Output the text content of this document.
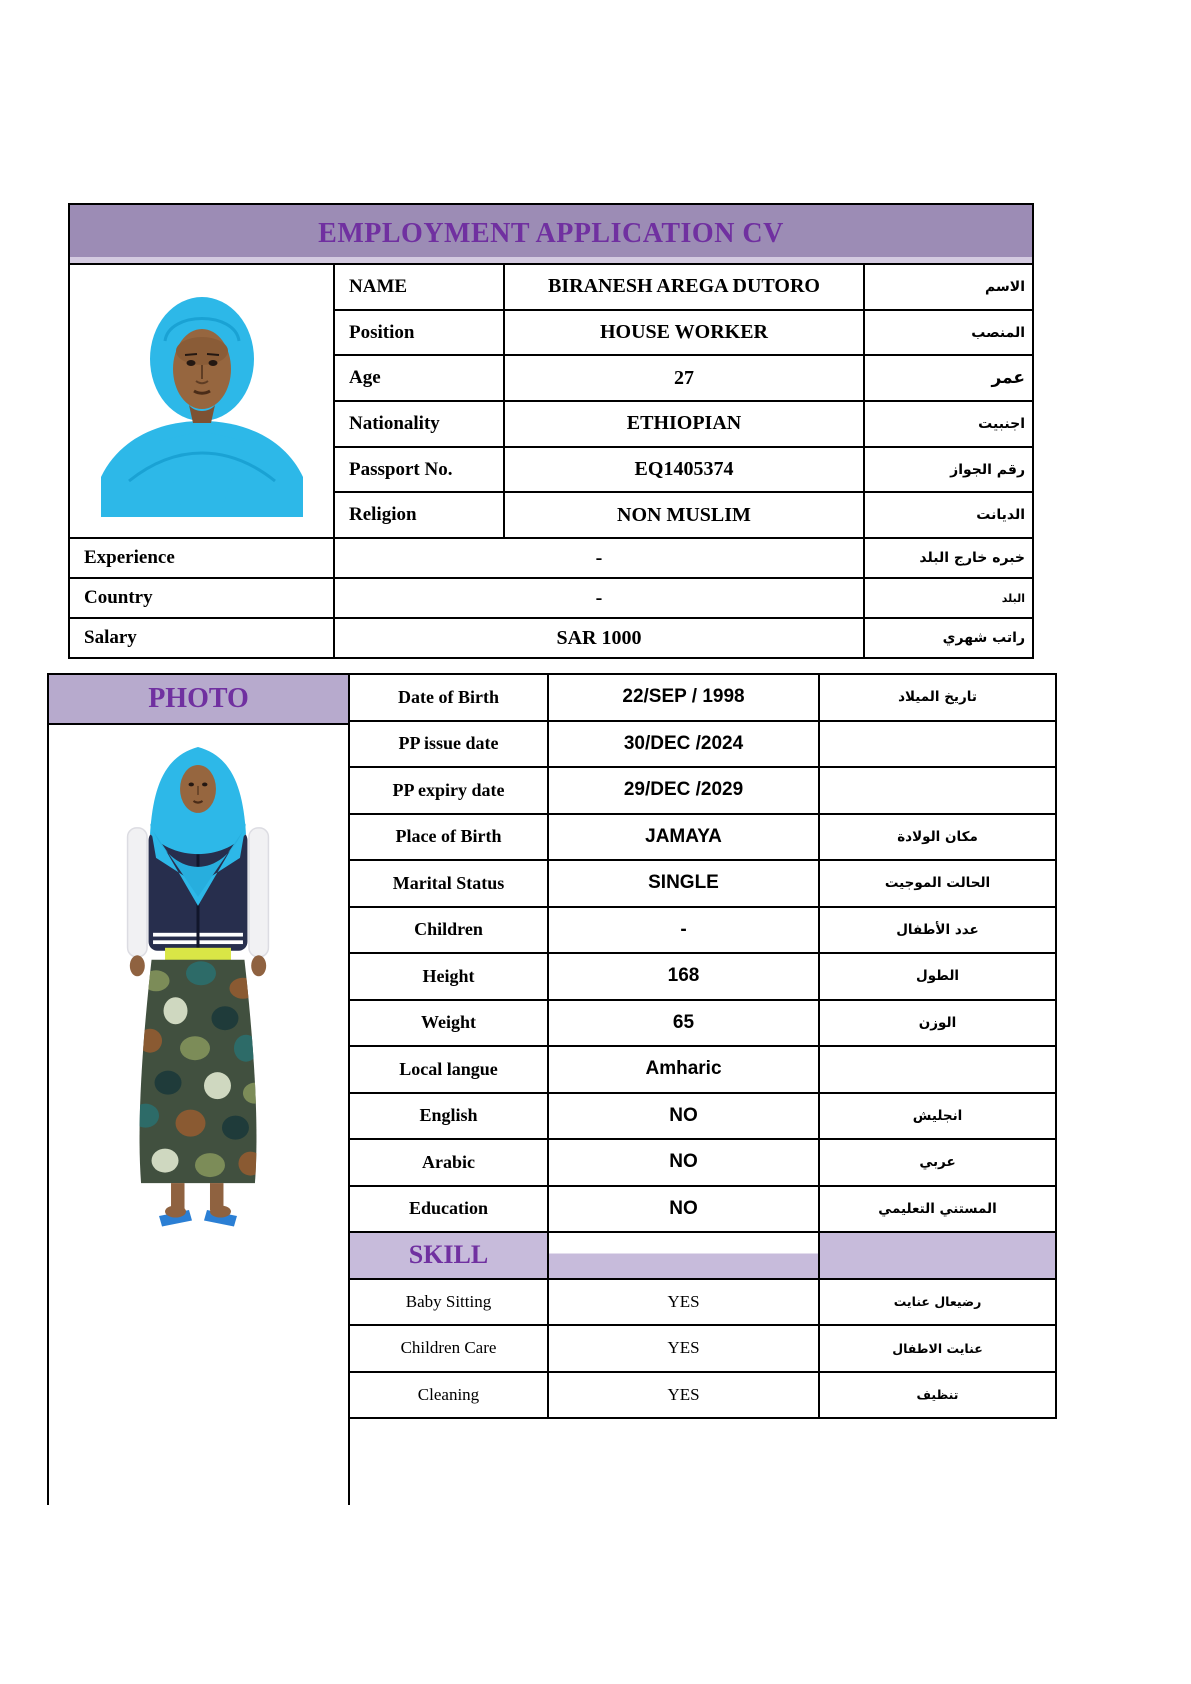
EMPLOYMENT APPLICATION CV			
	NAME	BIRANESH AREGA DUTORO	الاسم
	Position	HOUSE WORKER	المنصب
	Age	27	عمر
	Nationality	ETHIOPIAN	اجنبيت
	Passport No.	EQ1405374	رقم الجواز
	Religion	NON MUSLIM	الديانت
Experience	-		خبره خارج البلد
Country	-		البلد
Salary	SAR 1000		راتب شهري
PHOTO	Date of Birth	22/SEP / 1998	تاريخ الميلاد
PP issue date	30/DEC /2024	
PP expiry date	29/DEC /2029	
Place of Birth	JAMAYA	مكان الولادة
Marital Status	SINGLE	الحالت الموجيت
Children	-	عدد الأطفال
Height	168	الطول
Weight	65	الوزن
Local langue	Amharic	
English	NO	انجليش
Arabic	NO	عربي
Education	NO	المستني التعليمي
SKILL		
Baby Sitting	YES	رضيعال عنايت
Children Care	YES	عنايت الاطفال
Cleaning	YES	تنظيف
